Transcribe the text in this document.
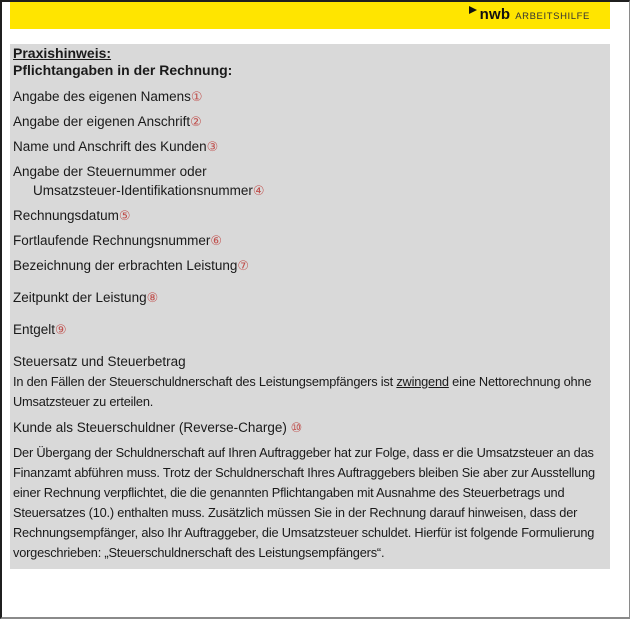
nwb ARBEITSHILFE
Praxishinweis:
Pflichtangaben in der Rechnung:
Angabe des eigenen Namens①
Angabe der eigenen Anschrift②
Name und Anschrift des Kunden③
Angabe der Steuernummer oder
Umsatzsteuer-Identifikationsnummer④
Rechnungsdatum⑤
Fortlaufende Rechnungsnummer⑥
Bezeichnung der erbrachten Leistung⑦
Zeitpunkt der Leistung⑧
Entgelt⑨
Steuersatz und Steuerbetrag
In den Fällen der Steuerschuldnerschaft des Leistungsempfängers ist zwingend eine Nettorechnung ohne
Umsatzsteuer zu erteilen.
Kunde als Steuerschuldner (Reverse-Charge) ⑩
Der Übergang der Schuldnerschaft auf Ihren Auftraggeber hat zur Folge, dass er die Umsatzsteuer an das
Finanzamt abführen muss. Trotz der Schuldnerschaft Ihres Auftraggebers bleiben Sie aber zur Ausstellung
einer Rechnung verpflichtet, die die genannten Pflichtangaben mit Ausnahme des Steuerbetrags und
Steuersatzes (10.) enthalten muss. Zusätzlich müssen Sie in der Rechnung darauf hinweisen, dass der
Rechnungsempfänger, also Ihr Auftraggeber, die Umsatzsteuer schuldet. Hierfür ist folgende Formulierung
vorgeschrieben: „Steuerschuldnerschaft des Leistungsempfängers“.
